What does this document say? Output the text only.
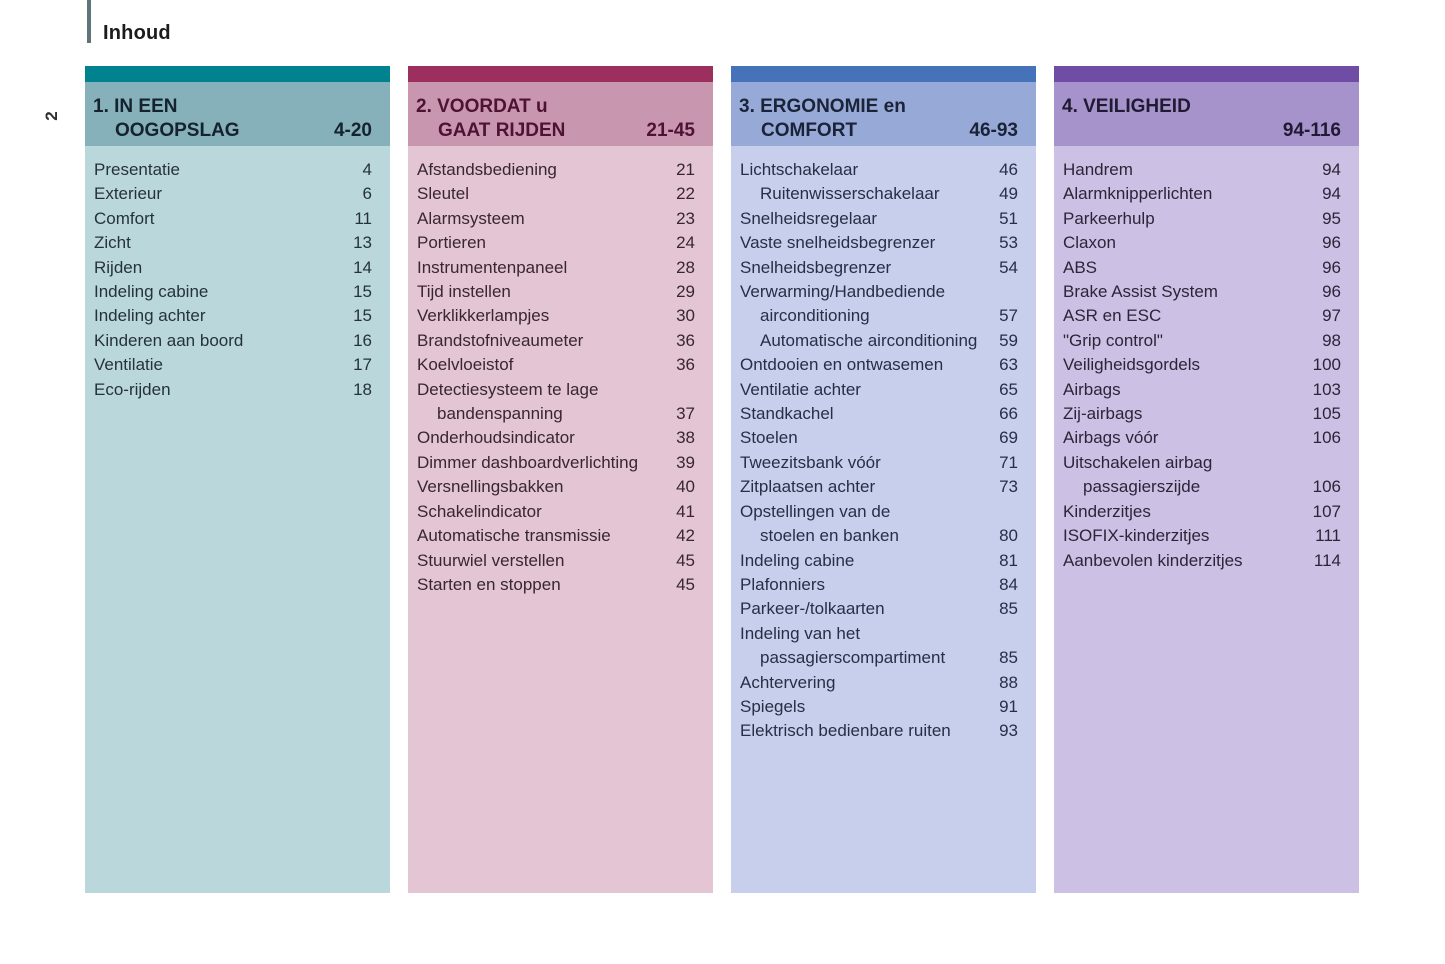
2
Inhoud
1. IN EEN
OOGOPSLAG	4-20
Presentatie	4
Exterieur	6
Comfort	11
Zicht	13
Rijden	14
Indeling cabine	15
Indeling achter	15
Kinderen aan boord	16
Ventilatie	17
Eco-rijden	18
2. VOORDAT u
GAAT RIJDEN	21-45
Afstandsbediening	21
Sleutel	22
Alarmsysteem	23
Portieren	24
Instrumentenpaneel	28
Tijd instellen	29
Verklikkerlampjes	30
Brandstofniveaumeter	36
Koelvloeistof	36
Detectiesysteem te lage
bandenspanning	37
Onderhoudsindicator	38
Dimmer dashboardverlichting 39
Versnellingsbakken	40
Schakelindicator	41
Automatische transmissie	42
Stuurwiel verstellen	45
Starten en stoppen	45
3. ERGONOMIE en
COMFORT	46-93
Lichtschakelaar	46
Ruitenwisserschakelaar	49
Snelheidsregelaar	51
Vaste snelheidsbegrenzer	53
Snelheidsbegrenzer	54
Verwarming/Handbediende
airconditioning	57
Automatische airconditioning 59
Ontdooien en ontwasemen	63
Ventilatie achter	65
Standkachel	66
Stoelen	69
Tweezitsbank vóór	71
Zitplaatsen achter	73
Opstellingen van de
stoelen en banken	80
Indeling cabine	81
Plafonniers	84
Parkeer-/tolkaarten	85
Indeling van het
passagierscompartiment	85
Achtervering	88
Spiegels	91
Elektrisch bedienbare ruiten	93
4. VEILIGHEID
94-116
Handrem	94
Alarmknipperlichten	94
Parkeerhulp	95
Claxon	96
ABS	96
Brake Assist System	96
ASR en ESC	97
"Grip control"	98
Veiligheidsgordels	100
Airbags	103
Zij-airbags	105
Airbags vóór	106
Uitschakelen airbag
passagierszijde	106
Kinderzitjes	107
ISOFIX-kinderzitjes	111
Aanbevolen kinderzitjes	114
